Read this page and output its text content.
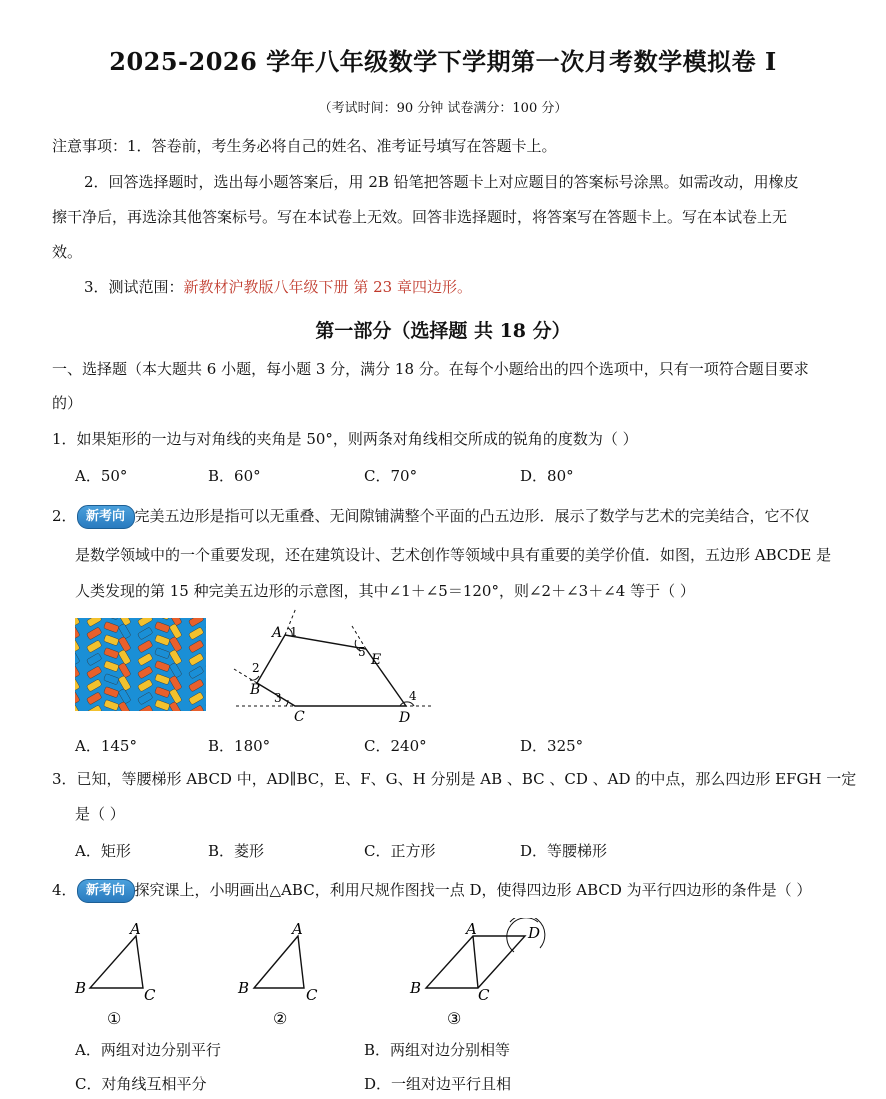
2025-2026 学年八年级数学下学期第一次月考数学模拟卷 I
（考试时间：90 分钟 试卷满分：100 分）
注意事项：1．答卷前，考生务必将自己的姓名、准考证号填写在答题卡上。
2．回答选择题时，选出每小题答案后，用 2B 铅笔把答题卡上对应题目的答案标号涂黑。如需改动，用橡皮
擦干净后，再选涂其他答案标号。写在本试卷上无效。回答非选择题时，将答案写在答题卡上。写在本试卷上无
效。
3．测试范围：新教材沪教版八年级下册 第 23 章四边形。
第一部分（选择题 共 18 分）
一、选择题（本大题共 6 小题，每小题 3 分，满分 18 分。在每个小题给出的四个选项中，只有一项符合题目要求
的）
1．如果矩形的一边与对角线的夹角是 50°，则两条对角线相交所成的锐角的度数为（ ）
A．50°	B．60°	C．70°	D．80°
2． 新考向 完美五边形是指可以无重叠、无间隙铺满整个平面的凸五边形．展示了数学与艺术的完美结合，它不仅
是数学领域中的一个重要发现，还在建筑设计、艺术创作等领域中具有重要的美学价值．如图，五边形 ABCDE 是
人类发现的第 15 种完美五边形的示意图，其中∠1＋∠5＝120°，则∠2＋∠3＋∠4 等于（ ）
A 1
B
2
3
C	D
4
E
5
A．145°	B．180°	C．240°	D．325°
3．已知，等腰梯形 ABCD 中，AD∥BC，E、F、G、H 分别是 AB 、BC 、CD 、AD 的中点，那么四边形 EFGH 一定
是（ ）
A．矩形	B．菱形	C．正方形	D．等腰梯形
4． 新考向 探究课上，小明画出△ABC，利用尺规作图找一点 D，使得四边形 ABCD 为平行四边形的条件是（ ）
A
B	C
①
A
B	C
②
A
B	C
D
③
A．两组对边分别平行	B．两组对边分别相等
C．对角线互相平分	D．一组对边平行且相
